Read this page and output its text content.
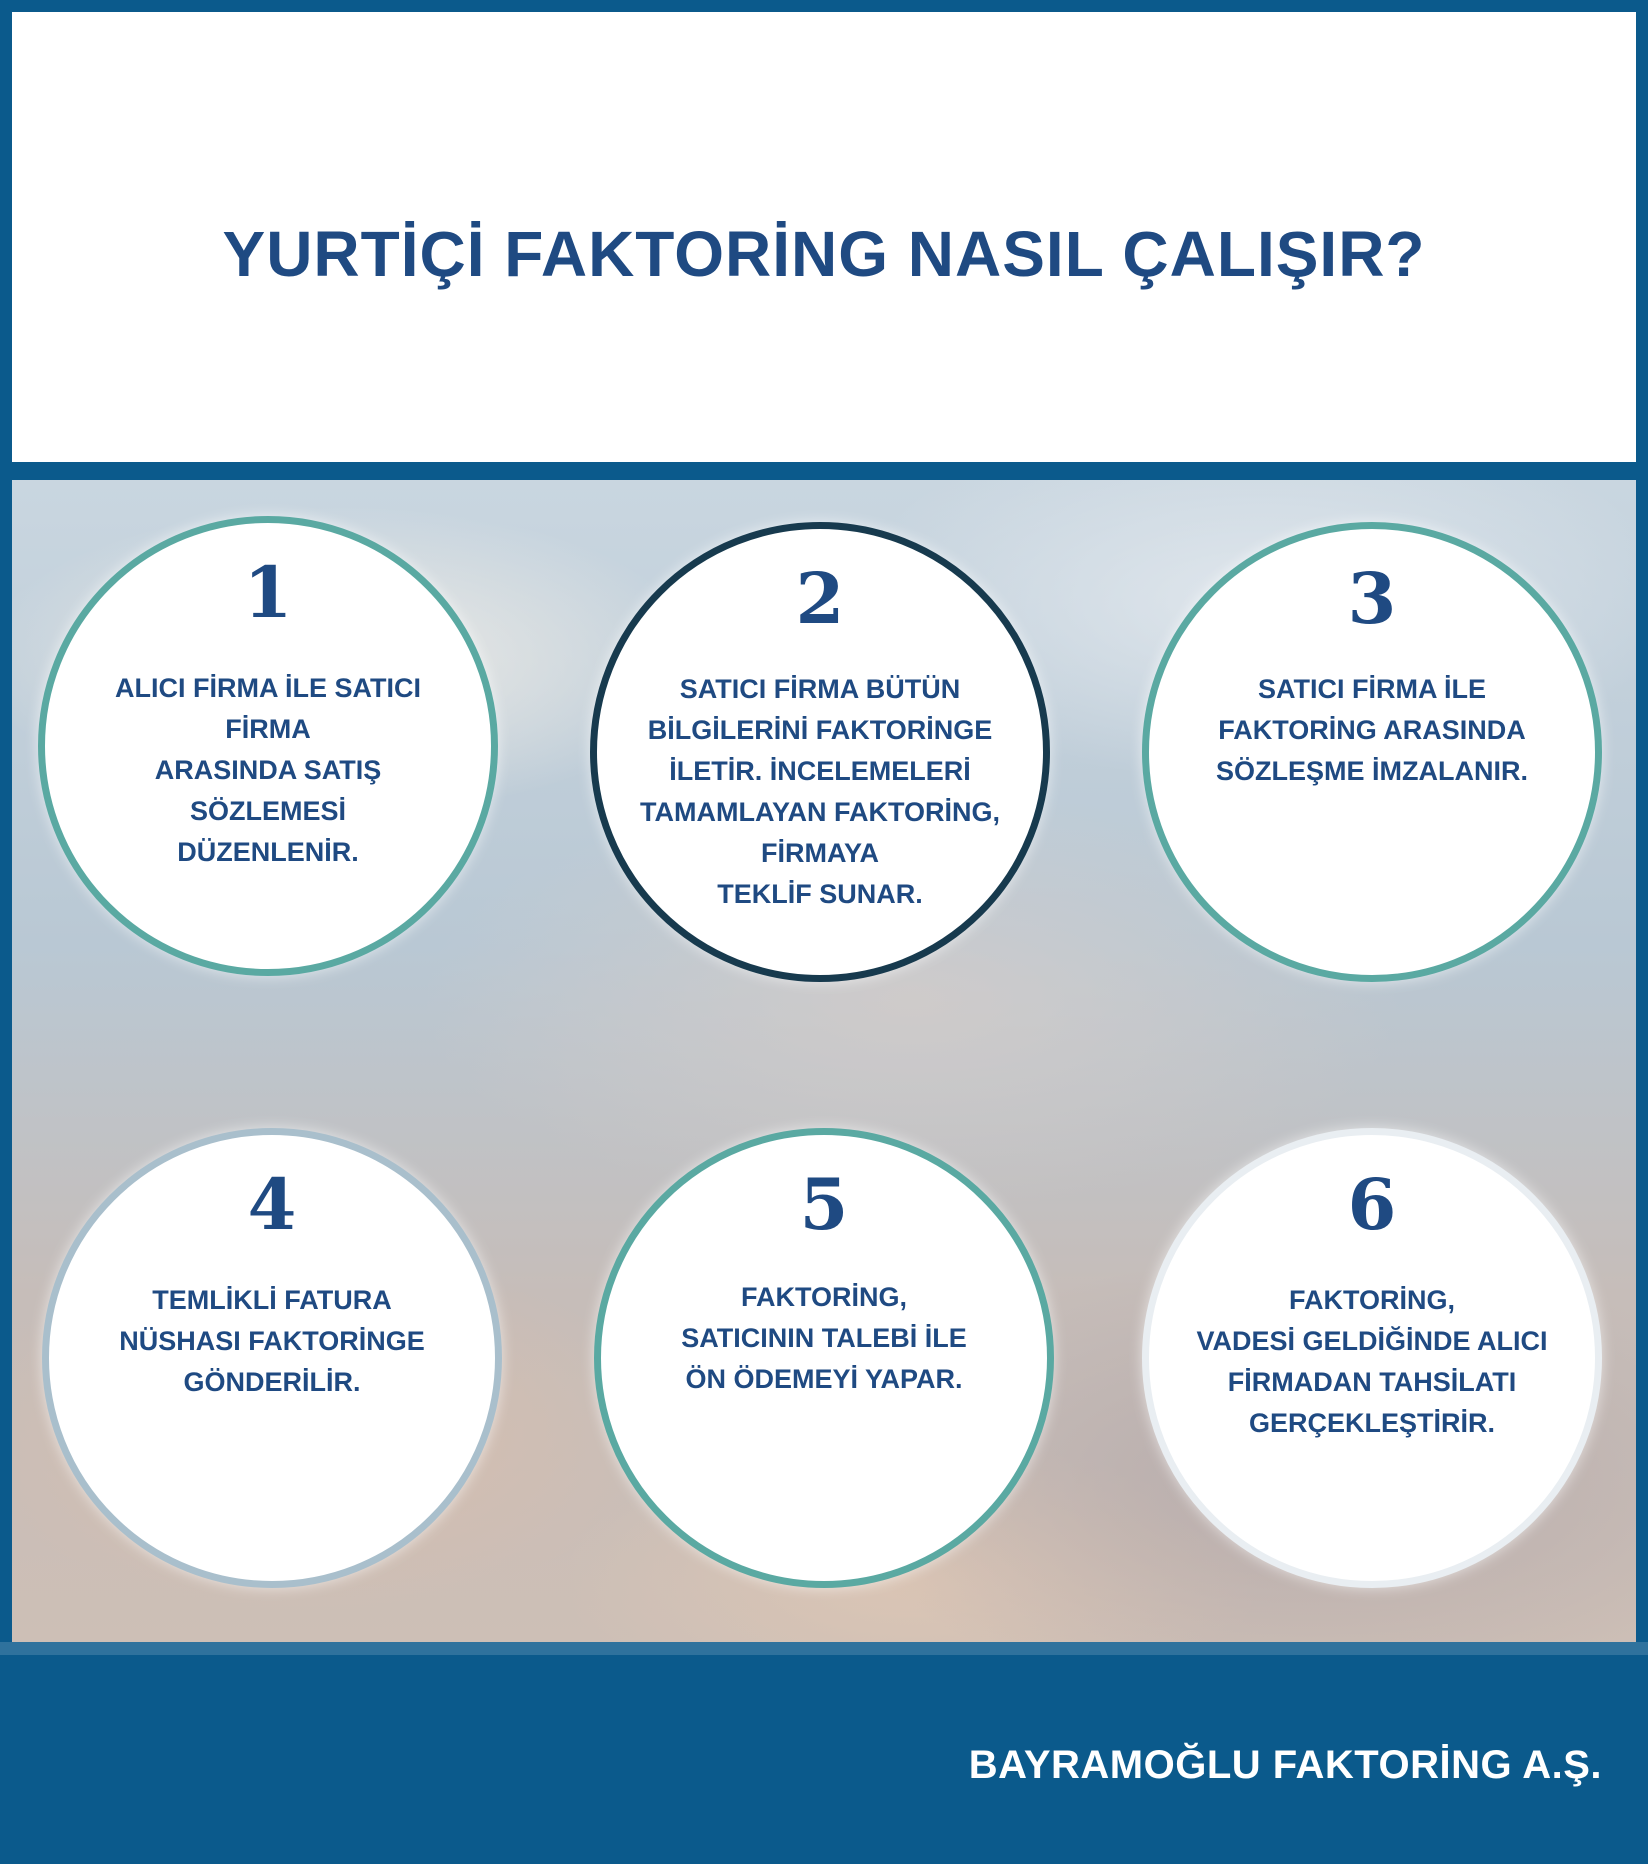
YURTİÇİ FAKTORİNG NASIL ÇALIŞIR?
1
ALICI FİRMA İLE SATICI FİRMA
ARASINDA SATIŞ SÖZLEMESİ
DÜZENLENİR.
2
SATICI FİRMA BÜTÜN
BİLGİLERİNİ FAKTORİNGE
İLETİR. İNCELEMELERİ
TAMAMLAYAN FAKTORİNG,
FİRMAYA
TEKLİF SUNAR.
3
SATICI FİRMA İLE
FAKTORİNG ARASINDA
SÖZLEŞME İMZALANIR.
4
TEMLİKLİ FATURA
NÜSHASI FAKTORİNGE
GÖNDERİLİR.
5
FAKTORİNG,
SATICININ TALEBİ İLE
ÖN ÖDEMEYİ YAPAR.
6
FAKTORİNG,
VADESİ GELDİĞİNDE ALICI
FİRMADAN TAHSİLATI
GERÇEKLEŞTİRİR.
BAYRAMOĞLU FAKTORİNG A.Ş.
